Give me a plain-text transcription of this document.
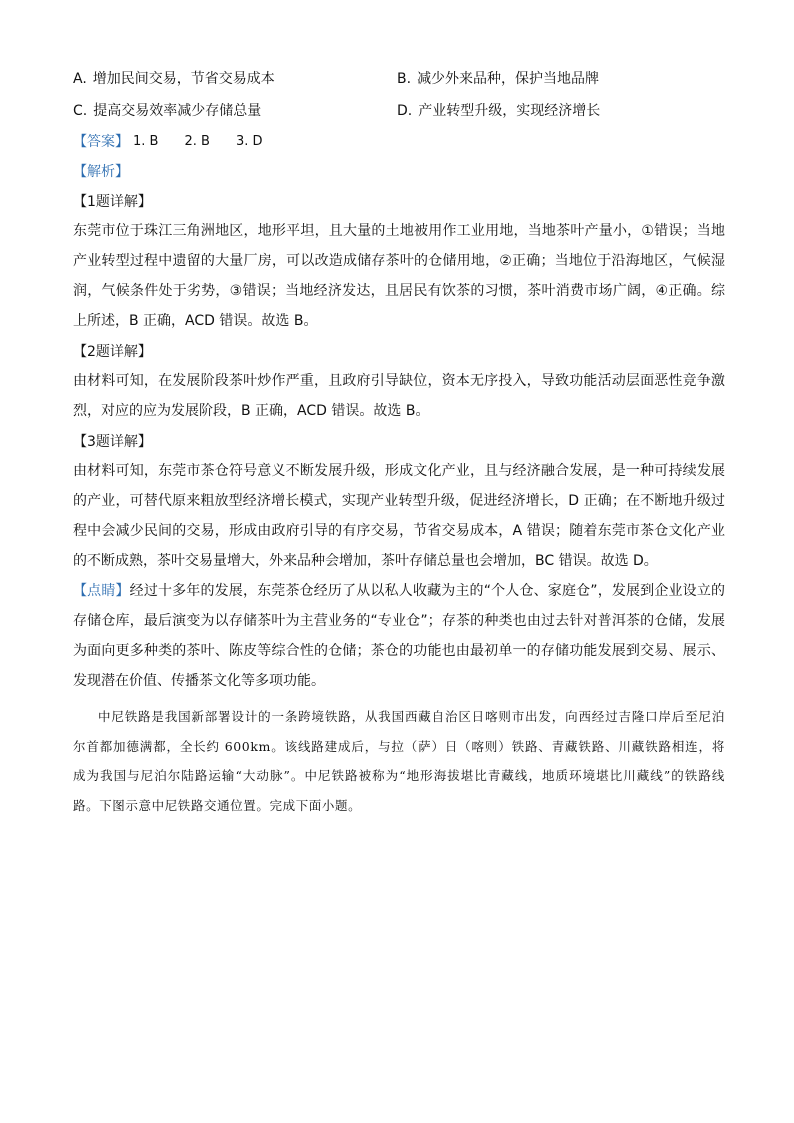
A. 增加民间交易，节省交易成本	B. 减少外来品种，保护当地品牌
C. 提高交易效率减少存储总量	D. 产业转型升级，实现经济增长
【答案】 1. B 2. B 3. D
【解析】
【1题详解】

东莞市位于珠江三角洲地区，地形平坦，且大量的土地被用作工业用地，当地茶叶产量小，①错误；当地产业转型过程中遗留的大量厂房，可以改造成储存茶叶的仓储用地，②正确；当地位于沿海地区，气候湿润，气候条件处于劣势，③错误；当地经济发达，且居民有饮茶的习惯，茶叶消费市场广阔，④正确。综上所述，B 正确，ACD 错误。故选 B。

【2题详解】

由材料可知，在发展阶段茶叶炒作严重，且政府引导缺位，资本无序投入，导致功能活动层面恶性竞争激烈，对应的应为发展阶段，B 正确，ACD 错误。故选 B。

【3题详解】

由材料可知，东莞市茶仓符号意义不断发展升级，形成文化产业，且与经济融合发展，是一种可持续发展的产业，可替代原来粗放型经济增长模式，实现产业转型升级，促进经济增长，D 正确；在不断地升级过程中会减少民间的交易，形成由政府引导的有序交易，节省交易成本，A 错误；随着东莞市茶仓文化产业的不断成熟，茶叶交易量增大，外来品种会增加，茶叶存储总量也会增加，BC 错误。故选 D。

【点睛】经过十多年的发展，东莞茶仓经历了从以私人收藏为主的“个人仓、家庭仓”，发展到企业设立的存储仓库，最后演变为以存储茶叶为主营业务的“专业仓”；存茶的种类也由过去针对普洱茶的仓储，发展为面向更多种类的茶叶、陈皮等综合性的仓储；茶仓的功能也由最初单一的存储功能发展到交易、展示、发现潜在价值、传播茶文化等多项功能。

中尼铁路是我国新部署设计的一条跨境铁路，从我国西藏自治区日喀则市出发，向西经过吉隆口岸后至尼泊尔首都加德满都，全长约 600km。该线路建成后，与拉（萨）日（喀则）铁路、青藏铁路、川藏铁路相连，将成为我国与尼泊尔陆路运输“大动脉”。中尼铁路被称为“地形海拔堪比青藏线，地质环境堪比川藏线”的铁路线路。下图示意中尼铁路交通位置。完成下面小题。
